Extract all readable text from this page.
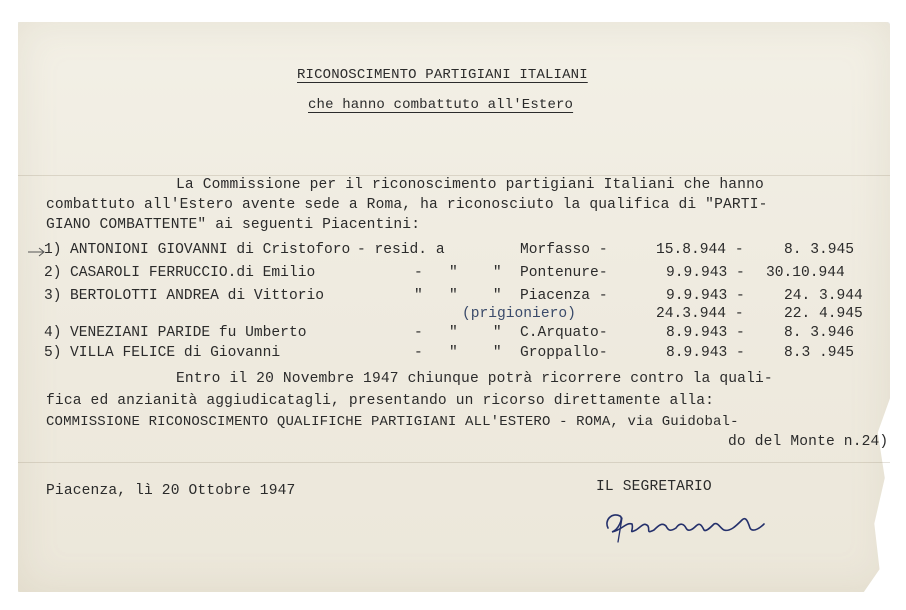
RICONOSCIMENTO PARTIGIANI ITALIANI
che hanno combattuto all'Estero
La Commissione per il riconoscimento partigiani Italiani che hanno
combattuto all'Estero avente sede a Roma, ha riconosciuto la qualifica di "PARTI-
GIANO COMBATTENTE" ai seguenti Piacentini:
1) ANTONIONI GIOVANNI di Cristoforo - resid. a	Morfasso -	15.8.944 -	8. 3.945
2) CASAROLI FERRUCCIO.di Emilio	-   "    " Pontenure-	9.9.943 - 30.10.944
3) BERTOLOTTI ANDREA di Vittorio	"   "    " Piacenza -	9.9.943 -	24. 3.944
(prigioniero)	24.3.944 -	22. 4.945
4) VENEZIANI PARIDE fu Umberto	-   "    " C.Arquato-	8.9.943 -	8. 3.946
5) VILLA FELICE di Giovanni	-   "    " Groppallo-	8.9.943 -	8.3 .945
Entro il 20 Novembre 1947 chiunque potrà ricorrere contro la quali-
fica ed anzianità aggiudicatagli, presentando un ricorso direttamente alla:
COMMISSIONE RICONOSCIMENTO QUALIFICHE PARTIGIANI ALL'ESTERO - ROMA, via Guidobal-
do del Monte n.24)
Piacenza, lì 20 Ottobre 1947	IL SEGRETARIO
